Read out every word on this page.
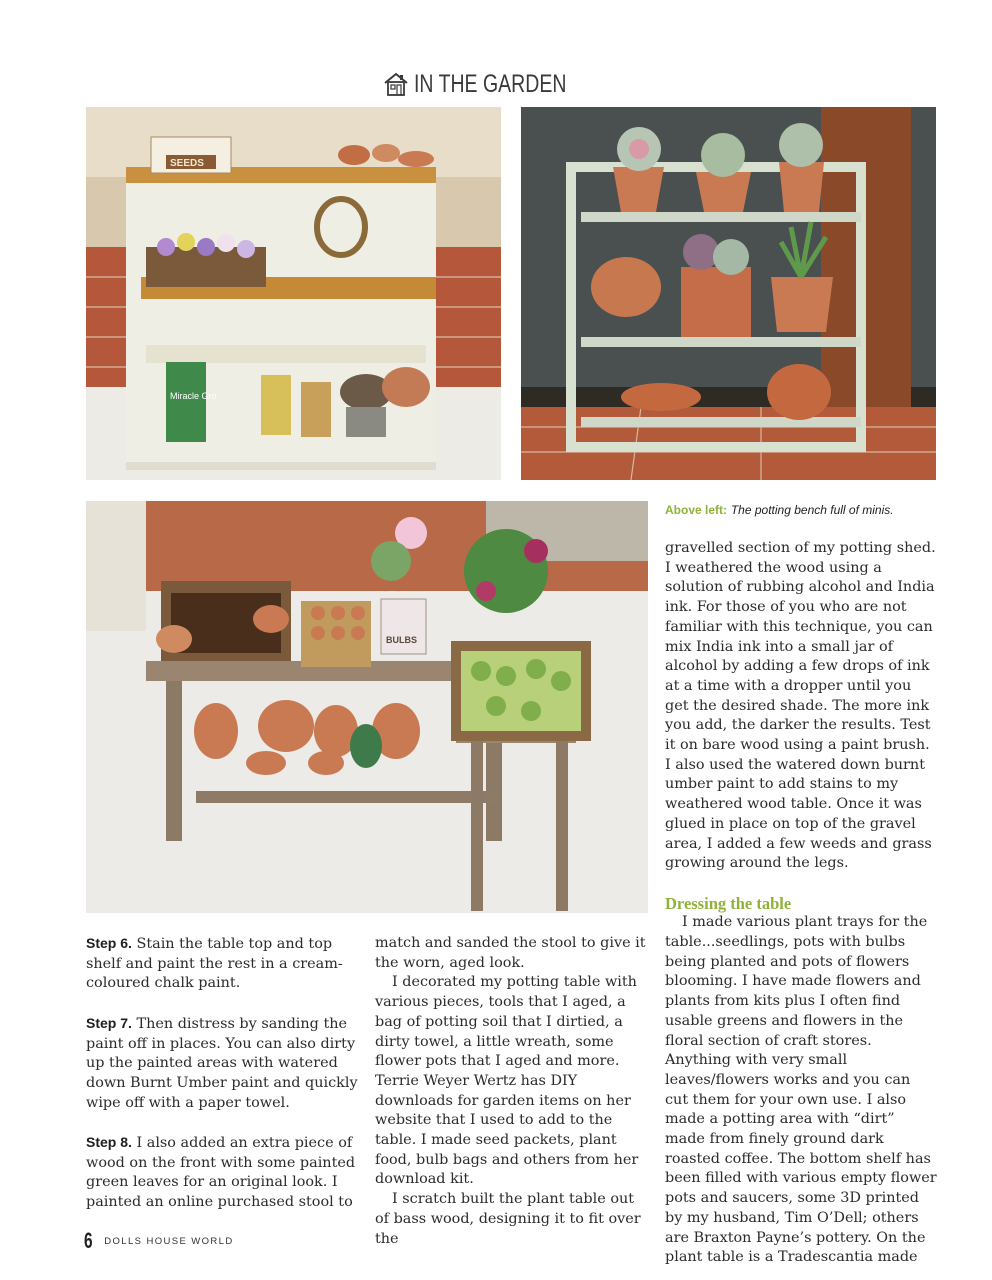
IN THE GARDEN
SEEDS
Miracle Gro
BULBS
Above left: The potting bench full of minis.

Step 6. Stain the table top and top shelf and paint the rest in a cream-coloured chalk paint.

Step 7. Then distress by sanding the paint off in places. You can also dirty up the painted areas with watered down Burnt Umber paint and quickly wipe off with a paper towel.

Step 8. I also added an extra piece of wood on the front with some painted green leaves for an original look. I painted an online purchased stool to

match and sanded the stool to give it the worn, aged look.

I decorated my potting table with various pieces, tools that I aged, a bag of potting soil that I dirtied, a dirty towel, a little wreath, some flower pots that I aged and more. Terrie Weyer Wertz has DIY downloads for garden items on her website that I used to add to the table. I made seed packets, plant food, bulb bags and others from her download kit.

I scratch built the plant table out of bass wood, designing it to fit over the

gravelled section of my potting shed. I weathered the wood using a solution of rubbing alcohol and India ink. For those of you who are not familiar with this technique, you can mix India ink into a small jar of alcohol by adding a few drops of ink at a time with a dropper until you get the desired shade. The more ink you add, the darker the results. Test it on bare wood using a paint brush. I also used the watered down burnt umber paint to add stains to my weathered wood table. Once it was glued in place on top of the gravel area, I added a few weeds and grass growing around the legs.

Dressing the table

I made various plant trays for the table...seedlings, pots with bulbs being planted and pots of flowers blooming. I have made flowers and plants from kits plus I often find usable greens and flowers in the floral section of craft stores. Anything with very small leaves/flowers works and you can cut them for your own use. I also made a potting area with “dirt” made from finely ground dark roasted coffee. The bottom shelf has been filled with various empty flower pots and saucers, some 3D printed by my husband, Tim O’Dell; others are Braxton Payne’s pottery. On the plant table is a Tradescantia made

6 DOLLS HOUSE WORLD
